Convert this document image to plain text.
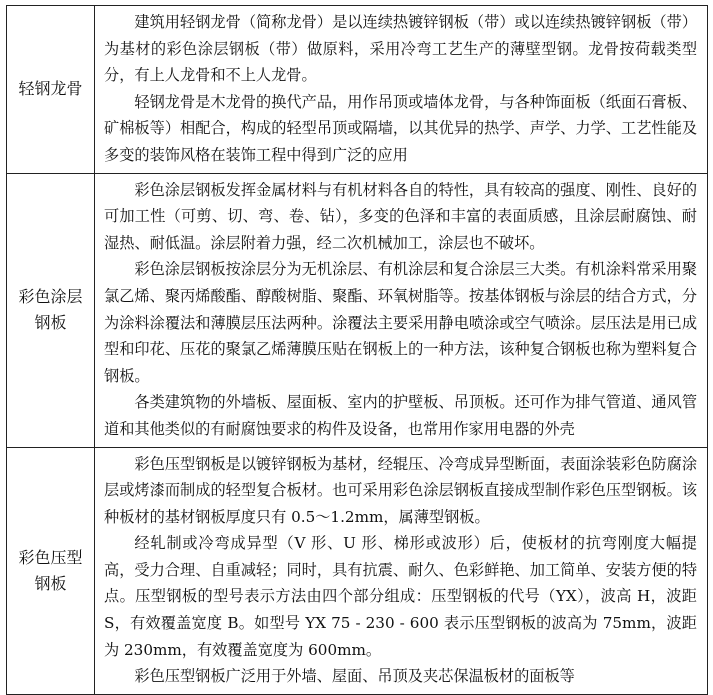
轻钢龙骨	建筑用轻钢龙骨（简称龙骨）是以连续热镀锌钢板（带）或以连续热镀锌钢板（带）为基材的彩色涂层钢板（带）做原料，采用冷弯工艺生产的薄壁型钢。龙骨按荷载类型分，有上人龙骨和不上人龙骨。

轻钢龙骨是木龙骨的换代产品，用作吊顶或墙体龙骨，与各种饰面板（纸面石膏板、矿棉板等）相配合，构成的轻型吊顶或隔墙，以其优异的热学、声学、力学、工艺性能及多变的装饰风格在装饰工程中得到广泛的应用

彩色涂层钢板	彩色涂层钢板发挥金属材料与有机材料各自的特性，具有较高的强度、刚性、良好的可加工性（可剪、切、弯、卷、钻），多变的色泽和丰富的表面质感，且涂层耐腐蚀、耐湿热、耐低温。涂层附着力强，经二次机械加工，涂层也不破坏。

彩色涂层钢板按涂层分为无机涂层、有机涂层和复合涂层三大类。有机涂料常采用聚氯乙烯、聚丙烯酸酯、醇酸树脂、聚酯、环氧树脂等。按基体钢板与涂层的结合方式，分为涂料涂覆法和薄膜层压法两种。涂覆法主要采用静电喷涂或空气喷涂。层压法是用已成型和印花、压花的聚氯乙烯薄膜压贴在钢板上的一种方法，该种复合钢板也称为塑料复合钢板。

各类建筑物的外墙板、屋面板、室内的护壁板、吊顶板。还可作为排气管道、通风管道和其他类似的有耐腐蚀要求的构件及设备，也常用作家用电器的外壳

彩色压型钢板	彩色压型钢板是以镀锌钢板为基材，经辊压、冷弯成异型断面，表面涂装彩色防腐涂层或烤漆而制成的轻型复合板材。也可采用彩色涂层钢板直接成型制作彩色压型钢板。该种板材的基材钢板厚度只有 0.5～1.2mm，属薄型钢板。

经轧制或冷弯成异型（V 形、U 形、梯形或波形）后，使板材的抗弯刚度大幅提高，受力合理、自重减轻；同时，具有抗震、耐久、色彩鲜艳、加工简单、安装方便的特点。压型钢板的型号表示方法由四个部分组成：压型钢板的代号（YX），波高 H，波距 S，有效覆盖宽度 B。如型号 YX 75 - 230 - 600 表示压型钢板的波高为 75mm，波距为 230mm，有效覆盖宽度为 600mm。

彩色压型钢板广泛用于外墙、屋面、吊顶及夹芯保温板材的面板等
